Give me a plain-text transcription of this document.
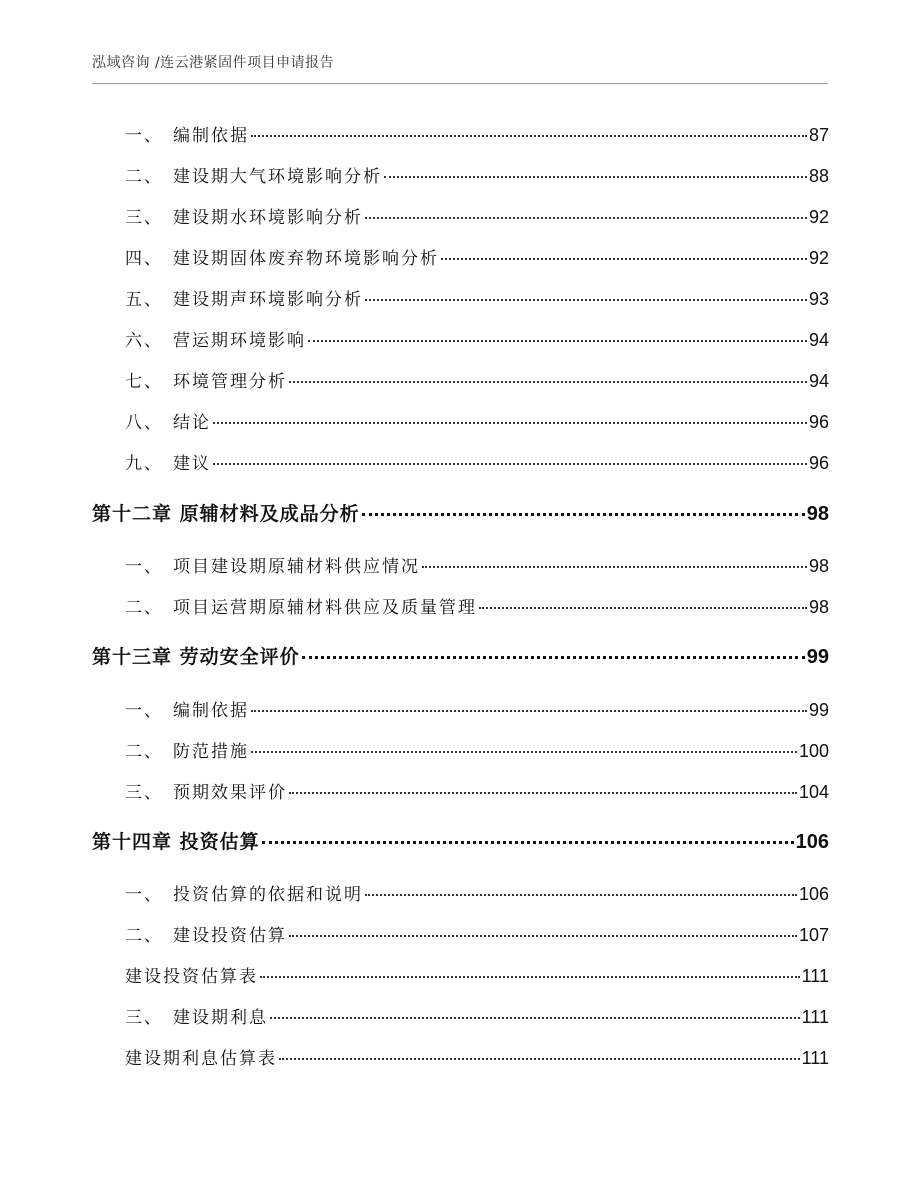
泓域咨询 /连云港紧固件项目申请报告
一、 编制依据	87
二、 建设期大气环境影响分析	88
三、 建设期水环境影响分析	92
四、 建设期固体废弃物环境影响分析	92
五、 建设期声环境影响分析	93
六、 营运期环境影响	94
七、 环境管理分析	94
八、 结论	96
九、 建议	96
第十二章 原辅材料及成品分析	98
一、 项目建设期原辅材料供应情况	98
二、 项目运营期原辅材料供应及质量管理	98
第十三章 劳动安全评价	99
一、 编制依据	99
二、 防范措施	100
三、 预期效果评价	104
第十四章 投资估算	106
一、 投资估算的依据和说明	106
二、 建设投资估算	107
建设投资估算表	111
三、 建设期利息	111
建设期利息估算表	111
